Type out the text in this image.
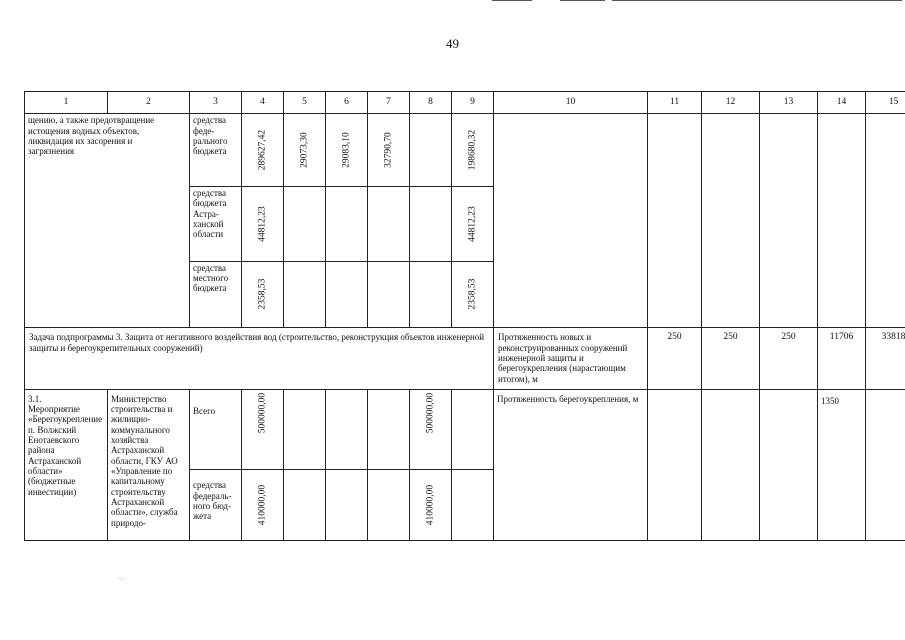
49
1	2	3	4	5	6	7	8	9	10	11	12	13	14	15
щению, а также предотвращение истощения водных объектов, ликвидация их засорения и загрязнения		средства
феде-
рального
бюджета	289627,42	29073,30	29083,10	32790,70		198680,32						

		средства
бюджета
Астра-
ханской
области	44812,23					44812,23						

		средства
местного
бюджета	2358,53					2358,53						

Задача подпрограммы 3. Защита от негативного воздействия вод (строительство, реконструкция объектов инженерной защиты и берегоукрепительных сооружений)									Протяженность новых и реконструированных сооружений инженерной защиты и берегоукрепления (нарастающим итогом), м	250	250	250	11706	33818
3.1.
Мероприятие «Берегоукрепление п. Волжский Енотаевского района Астраханской области» (бюджетные инвестиции)	Министерство строительства и жилищно-коммунального хозяйства Астраханской области, ГКУ АО «Управление по капитальному строительству Астраханской области», служба природо-	Всего	500000,00				500000,00		Протяженность берегоукрепления, м				1350	
		средства
федераль-
ного бюд-
жета	410000,00				410000,00							

·:·
